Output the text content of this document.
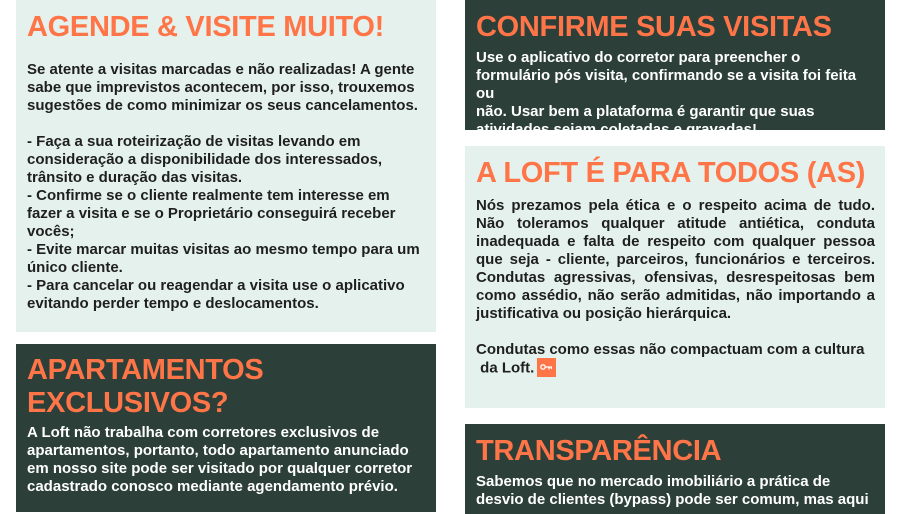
AGENDE & VISITE MUITO!

Se atente a visitas marcadas e não realizadas! A gente
sabe que imprevistos acontecem, por isso, trouxemos
sugestões de como minimizar os seus cancelamentos.

- Faça a sua roteirização de visitas levando em
consideração a disponibilidade dos interessados,
trânsito e duração das visitas.
- Confirme se o cliente realmente tem interesse em
fazer a visita e se o Proprietário conseguirá receber
vocês;
- Evite marcar muitas visitas ao mesmo tempo para um
único cliente.
- Para cancelar ou reagendar a visita use o aplicativo
evitando perder tempo e deslocamentos.

APARTAMENTOS
EXCLUSIVOS?

A Loft não trabalha com corretores exclusivos de
apartamentos, portanto, todo apartamento anunciado
em nosso site pode ser visitado por qualquer corretor
cadastrado conosco mediante agendamento prévio.

CONFIRME SUAS VISITAS

Use o aplicativo do corretor para preencher o
formulário pós visita, confirmando se a visita foi feita ou
não. Usar bem a plataforma é garantir que suas
atividades sejam coletadas e gravadas!

A LOFT É PARA TODOS (AS)

Nós prezamos pela ética e o respeito acima de tudo. Não toleramos qualquer atitude antiética, conduta inadequada e falta de respeito com qualquer pessoa que seja - cliente, parceiros, funcionários e terceiros. Condutas agressivas, ofensivas, desrespeitosas bem como assédio, não serão admitidas, não importando a justificativa ou posição hierárquica.

Condutas como essas não compactuam com a cultura
da Loft.

TRANSPARÊNCIA

Sabemos que no mercado imobiliário a prática de
desvio de clientes (bypass) pode ser comum, mas aqui
